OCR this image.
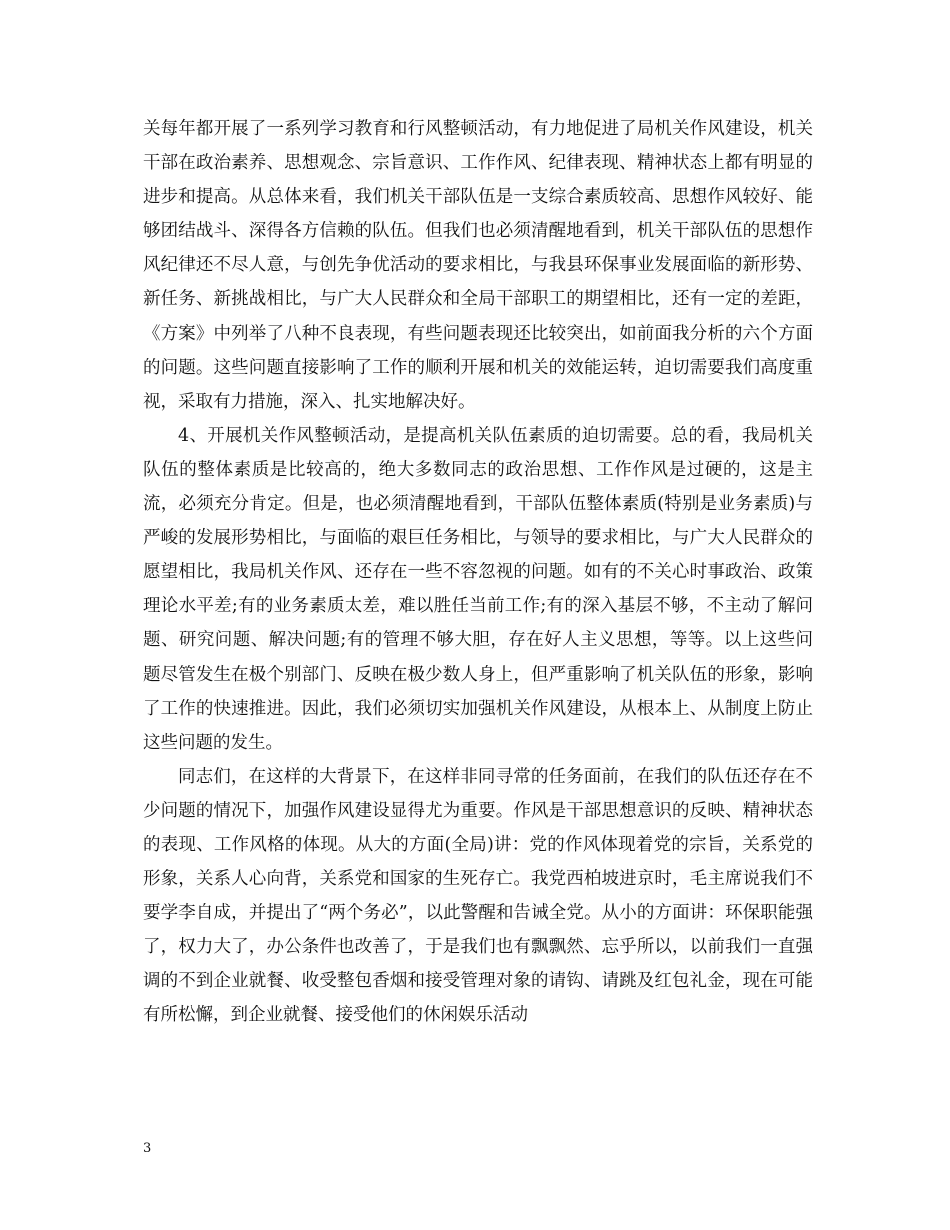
关每年都开展了一系列学习教育和行风整顿活动，有力地促进了局机关作风建设，机关干部在政治素养、思想观念、宗旨意识、工作作风、纪律表现、精神状态上都有明显的进步和提高。从总体来看，我们机关干部队伍是一支综合素质较高、思想作风较好、能够团结战斗、深得各方信赖的队伍。但我们也必须清醒地看到，机关干部队伍的思想作风纪律还不尽人意，与创先争优活动的要求相比，与我县环保事业发展面临的新形势、新任务、新挑战相比，与广大人民群众和全局干部职工的期望相比，还有一定的差距，《方案》中列举了八种不良表现，有些问题表现还比较突出，如前面我分析的六个方面的问题。这些问题直接影响了工作的顺利开展和机关的效能运转，迫切需要我们高度重视，采取有力措施，深入、扎实地解决好。

4、开展机关作风整顿活动，是提高机关队伍素质的迫切需要。总的看，我局机关队伍的整体素质是比较高的，绝大多数同志的政治思想、工作作风是过硬的，这是主流，必须充分肯定。但是，也必须清醒地看到，干部队伍整体素质(特别是业务素质)与严峻的发展形势相比，与面临的艰巨任务相比，与领导的要求相比，与广大人民群众的愿望相比，我局机关作风、还存在一些不容忽视的问题。如有的不关心时事政治、政策理论水平差;有的业务素质太差，难以胜任当前工作;有的深入基层不够，不主动了解问题、研究问题、解决问题;有的管理不够大胆，存在好人主义思想，等等。以上这些问题尽管发生在极个别部门、反映在极少数人身上，但严重影响了机关队伍的形象，影响了工作的快速推进。因此，我们必须切实加强机关作风建设，从根本上、从制度上防止这些问题的发生。

同志们，在这样的大背景下，在这样非同寻常的任务面前，在我们的队伍还存在不少问题的情况下，加强作风建设显得尤为重要。作风是干部思想意识的反映、精神状态的表现、工作风格的体现。从大的方面(全局)讲：党的作风体现着党的宗旨，关系党的形象，关系人心向背，关系党和国家的生死存亡。我党西柏坡进京时，毛主席说我们不要学李自成，并提出了“两个务必”，以此警醒和告诫全党。从小的方面讲：环保职能强了，权力大了，办公条件也改善了，于是我们也有飘飘然、忘乎所以，以前我们一直强调的不到企业就餐、收受整包香烟和接受管理对象的请钩、请跳及红包礼金，现在可能有所松懈，到企业就餐、接受他们的休闲娱乐活动

3
